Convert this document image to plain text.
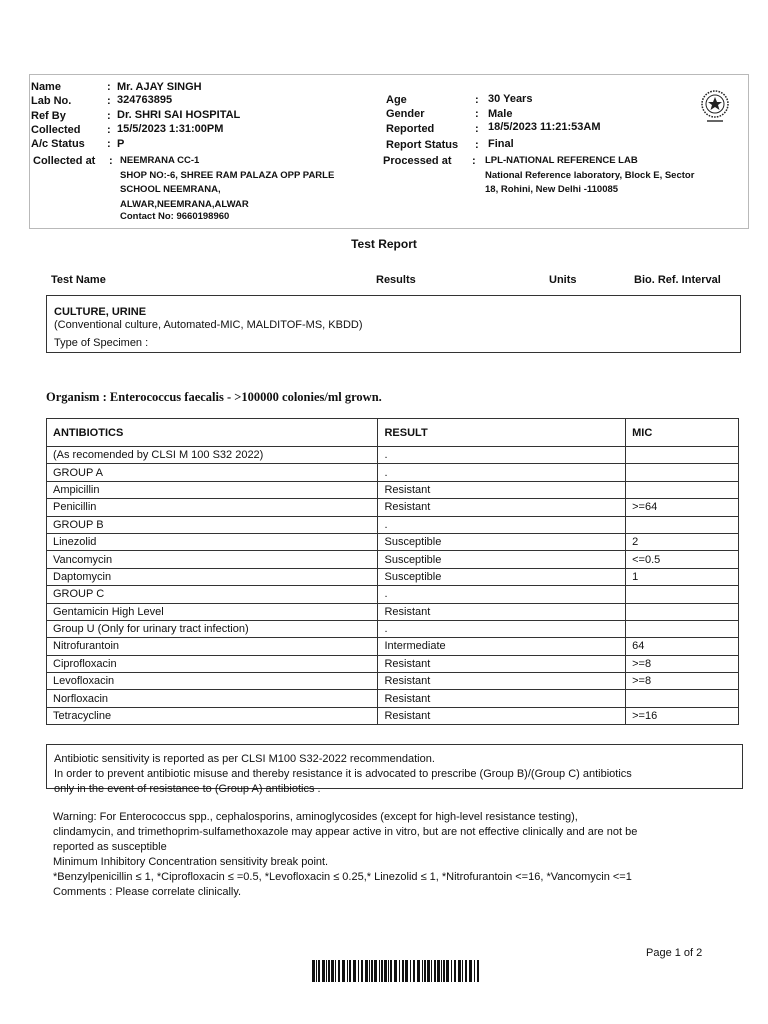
Name	: Mr. AJAY SINGH
Lab No.	: 324763895
Ref By	: Dr. SHRI SAI HOSPITAL
Collected : 15/5/2023 1:31:00PM
A/c Status : P
Collected at : NEEMRANA CC-1
SHOP NO:-6, SHREE RAM PALAZA OPP PARLE
SCHOOL NEEMRANA,
ALWAR,NEEMRANA,ALWAR
Contact No: 9660198960
Age	: 30 Years
Gender	: Male
Reported	: 18/5/2023 11:21:53AM
Report Status : Final
Processed at : LPL-NATIONAL REFERENCE LAB
National Reference laboratory, Block E, Sector
18, Rohini, New Delhi -110085
Test Report
Test Name	Results	Units	Bio. Ref. Interval
CULTURE, URINE
(Conventional culture, Automated-MIC, MALDITOF-MS, KBDD)
Type of Specimen :
Organism : Enterococcus faecalis - >100000 colonies/ml grown.
ANTIBIOTICS	RESULT	MIC
(As recomended by CLSI M 100 S32 2022)	.	
GROUP A	.	
Ampicillin	Resistant	
Penicillin	Resistant	>=64
GROUP B	.	
Linezolid	Susceptible	2
Vancomycin	Susceptible	<=0.5
Daptomycin	Susceptible	1
GROUP C	.	
Gentamicin High Level	Resistant	
Group U (Only for urinary tract infection)	.	
Nitrofurantoin	Intermediate	64
Ciprofloxacin	Resistant	>=8
Levofloxacin	Resistant	>=8
Norfloxacin	Resistant	
Tetracycline	Resistant	>=16
Antibiotic sensitivity is reported as per CLSI M100 S32-2022 recommendation.
In order to prevent antibiotic misuse and thereby resistance it is advocated to prescribe (Group B)/(Group C) antibiotics
only in the event of resistance to (Group A) antibiotics .
Warning: For Enterococcus spp., cephalosporins, aminoglycosides (except for high-level resistance testing),
clindamycin, and trimethoprim-sulfamethoxazole may appear active in vitro, but are not effective clinically and are not be
reported as susceptible
Minimum Inhibitory Concentration sensitivity break point.
*Benzylpenicillin ≤ 1, *Ciprofloxacin ≤ =0.5, *Levofloxacin ≤ 0.25,* Linezolid ≤ 1, *Nitrofurantoin <=16, *Vancomycin <=1
Comments : Please correlate clinically.
Page 1 of 2
